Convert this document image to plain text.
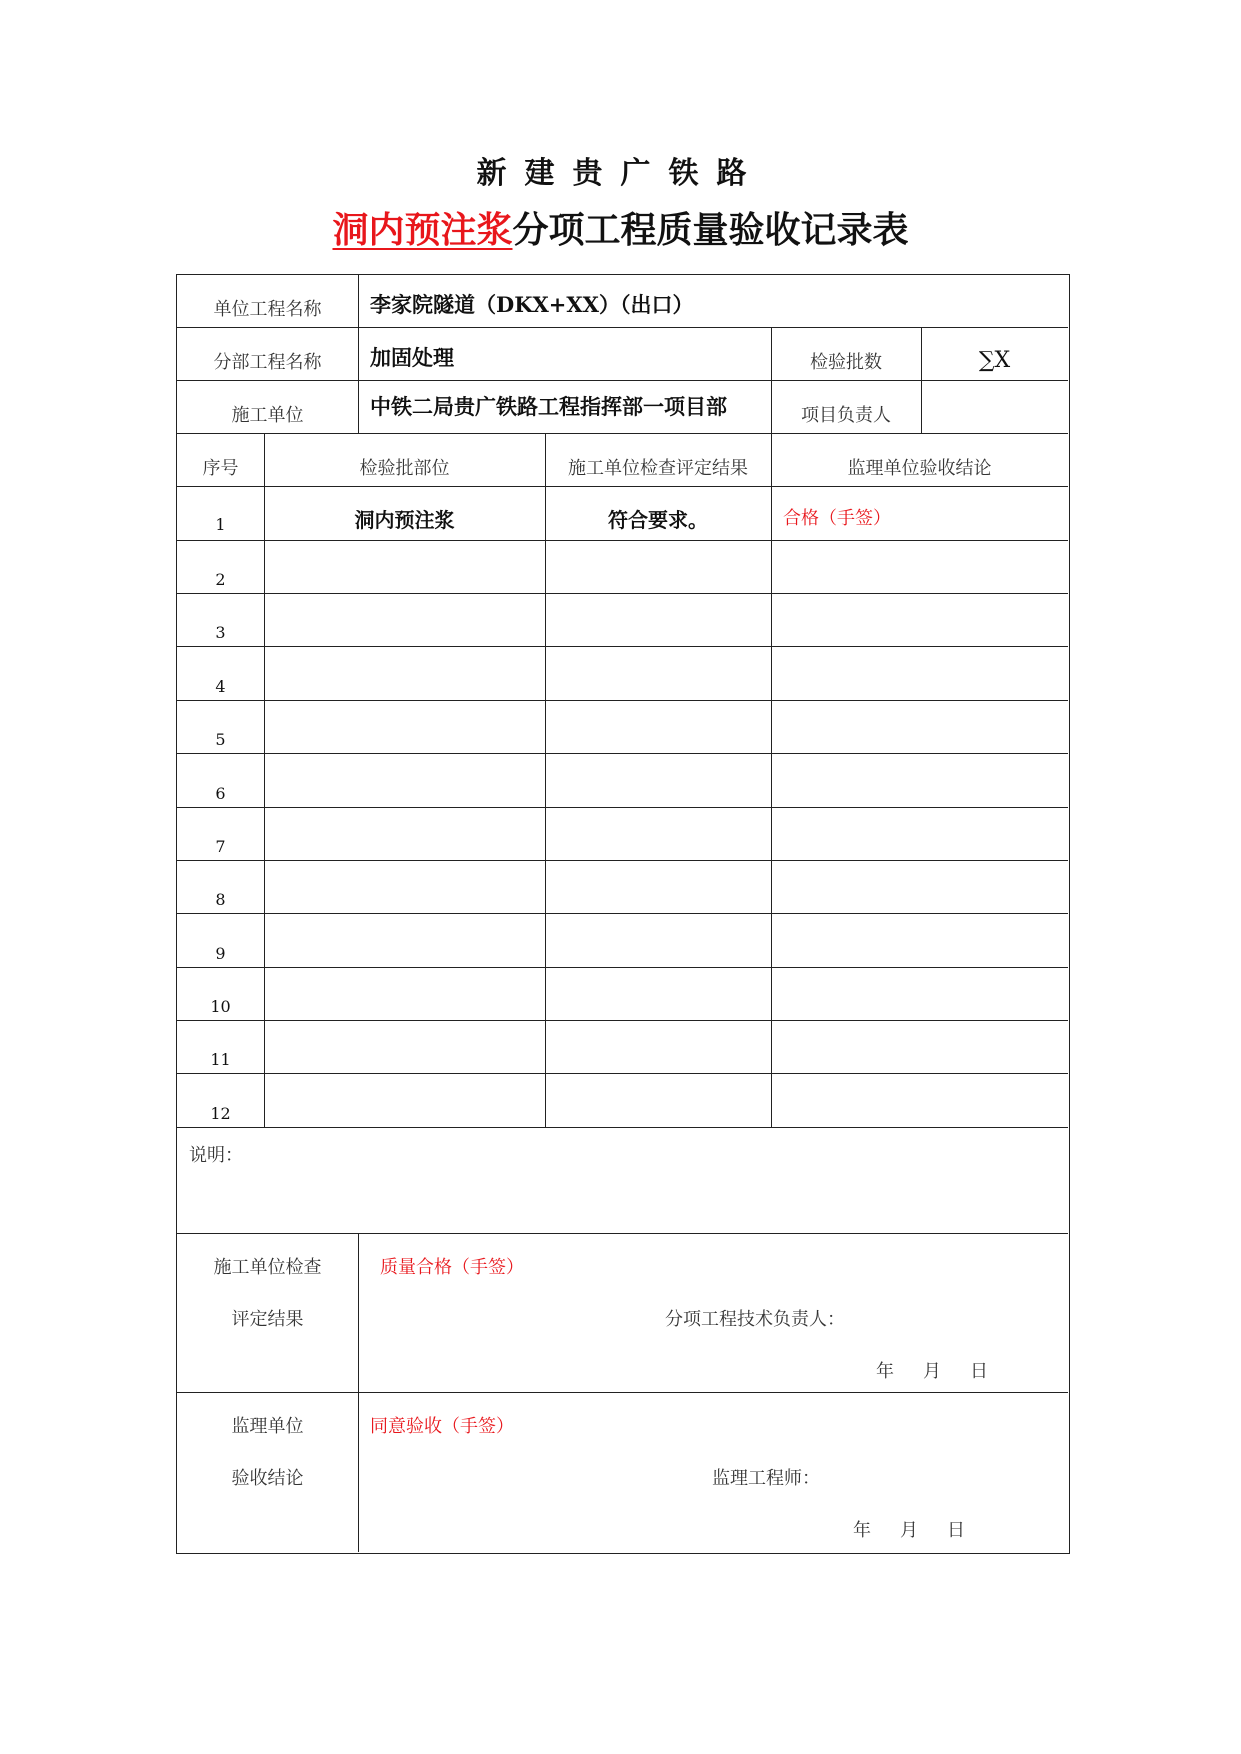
新建贵广铁路
洞内预注浆分项工程质量验收记录表
单位工程名称	李家院隧道（DKX+XX）（出口）
分部工程名称	加固处理	检验批数	∑X
施工单位	中铁二局贵广铁路工程指挥部一项目部	项目负责人
序号	检验批部位	施工单位检查评定结果	监理单位验收结论
1	洞内预注浆	符合要求。	合格（手签）
2
3
4
5
6
7
8
9
10
11
12
说明：
施工单位检查
评定结果
质量合格（手签）
分项工程技术负责人：
年	月	日
监理单位
验收结论
同意验收（手签）
监理工程师：
年	月	日
